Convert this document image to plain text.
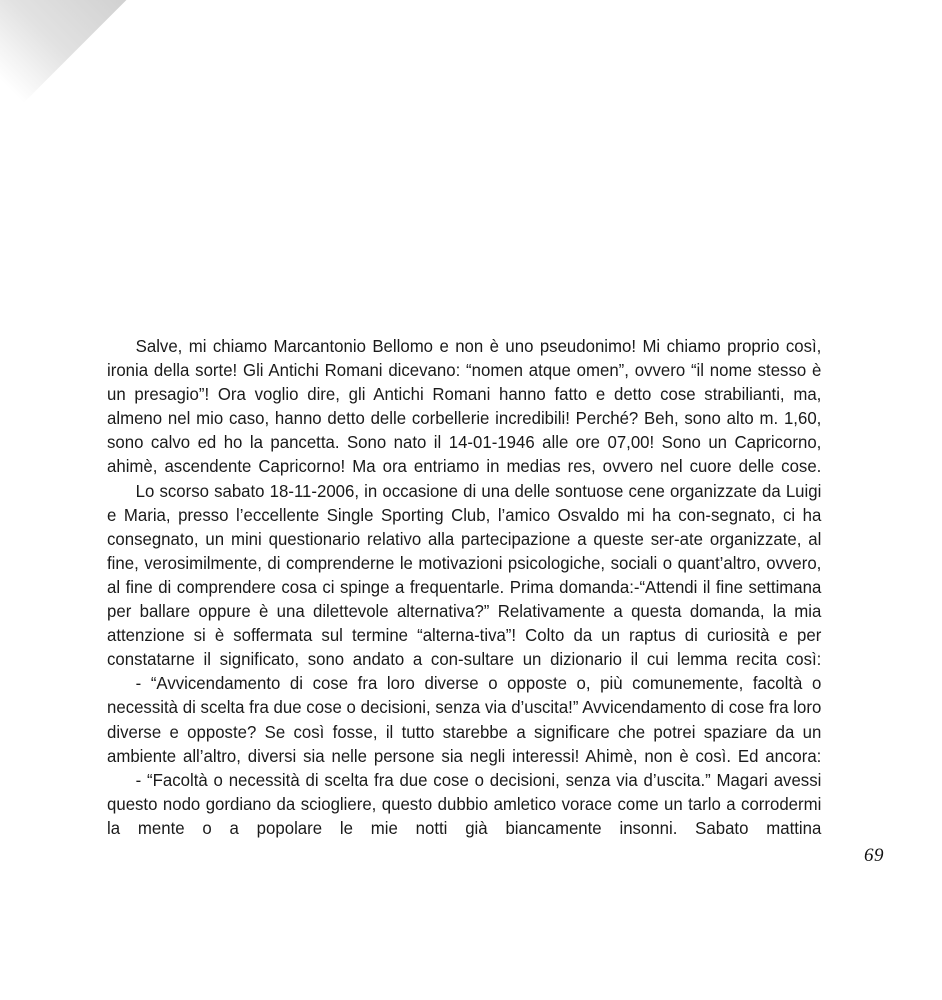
Salve, mi chiamo Marcantonio Bellomo e non è uno pseudonimo! Mi chiamo proprio così, ironia della sorte! Gli Antichi Romani dicevano: “nomen atque omen”, ovvero “il nome stesso è un presagio”! Ora voglio dire, gli Antichi Romani hanno fatto e detto cose strabilianti, ma, almeno nel mio caso, hanno detto delle corbellerie incredibili! Perché? Beh, sono alto m. 1,60, sono calvo ed ho la pancetta. Sono nato il 14-01-1946 alle ore 07,00! Sono un Capricorno, ahimè, ascendente Capricorno! Ma ora entriamo in medias res, ovvero nel cuore delle cose.

Lo scorso sabato 18-11-2006, in occasione di una delle sontuose cene organizzate da Luigi e Maria, presso l’eccellente Single Sporting Club, l’amico Osvaldo mi ha con-segnato, ci ha consegnato, un mini questionario relativo alla partecipazione a queste ser-ate organizzate, al fine, verosimilmente, di comprenderne le motivazioni psicologiche, sociali o quant’altro, ovvero, al fine di comprendere cosa ci spinge a frequentarle. Prima domanda:-“Attendi il fine settimana per ballare oppure è una dilettevole alternativa?” Relativamente a questa domanda, la mia attenzione si è soffermata sul termine “alterna-tiva”! Colto da un raptus di curiosità e per constatarne il significato, sono andato a con-sultare un dizionario il cui lemma recita così:

- “Avvicendamento di cose fra loro diverse o opposte o, più comunemente, facoltà o necessità di scelta fra due cose o decisioni, senza via d’uscita!” Avvicendamento di cose fra loro diverse e opposte? Se così fosse, il tutto starebbe a significare che potrei spaziare da un ambiente all’altro, diversi sia nelle persone sia negli interessi! Ahimè, non è così. Ed ancora:

- “Facoltà o necessità di scelta fra due cose o decisioni, senza via d’uscita.” Magari avessi questo nodo gordiano da sciogliere, questo dubbio amletico vorace come un tarlo a corrodermi la mente o a popolare le mie notti già biancamente insonni. Sabato mattina

69
